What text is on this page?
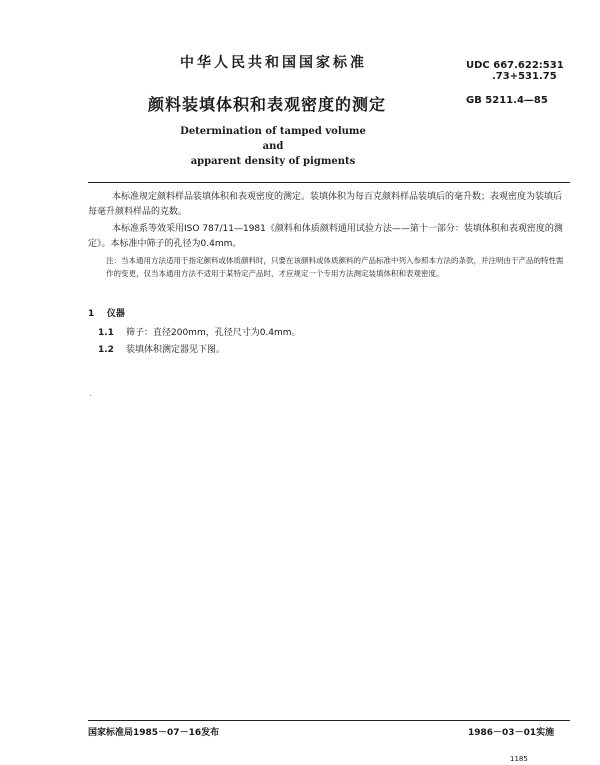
中华人民共和国国家标准	UDC 667.622:531
.73+531.75
GB 5211.4—85
颜料装填体积和表观密度的测定
Determination of tamped volume and
apparent density of pigments
本标准规定颜料样品装填体积和表观密度的测定。装填体积为每百克颜料样品装填后的毫升数；表观密度为装填后每毫升颜料样品的克数。
本标准系等效采用ISO 787/11—1981《颜料和体质颜料通用试验方法——第十一部分：装填体积和表观密度的测定》。本标准中筛子的孔径为0.4mm。
注：当本通用方法适用于指定颜料或体质颜料时，只要在该颜料或体质颜料的产品标准中列入参照本方法的条款，并注明由于产品的特性需作的变更，仅当本通用方法不适用于某特定产品时，才应规定一个专用方法测定装填体积和表观密度。
1 仪器
1.1 筛子：直径200mm，孔径尺寸为0.4mm。
1.2 装填体积测定器见下图。
国家标准局1985－07－16发布	1986－03－01实施
1185
